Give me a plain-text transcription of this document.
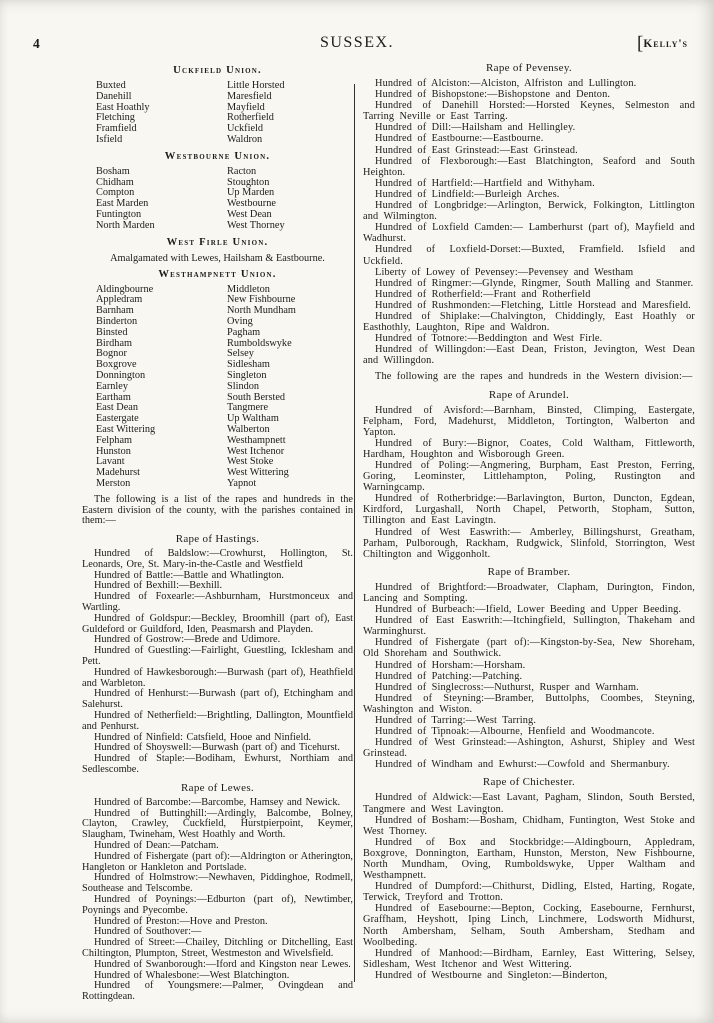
4	SUSSEX.	[Kelly's
Uckfield Union.
Buxted	Little Horsted
Danehill	Maresfield
East Hoathly	Mayfield
Fletching	Rotherfield
Framfield	Uckfield
Isfield	Waldron
Westbourne Union.
Bosham	Racton
Chidham	Stoughton
Compton	Up Marden
East Marden	Westbourne
Funtington	West Dean
North Marden	West Thorney
West Firle Union.
Amalgamated with Lewes, Hailsham & Eastbourne.
Westhampnett Union.
Aldingbourne	Middleton
Appledram	New Fishbourne
Barnham	North Mundham
Binderton	Oving
Binsted	Pagham
Birdham	Rumboldswyke
Bognor	Selsey
Boxgrove	Sidlesham
Donnington	Singleton
Earnley	Slindon
Eartham	South Bersted
East Dean	Tangmere
Eastergate	Up Waltham
East Wittering	Walberton
Felpham	Westhampnett
Hunston	West Itchenor
Lavant	West Stoke
Madehurst	West Wittering
Merston	Yapnot

The following is a list of the rapes and hundreds in the Eastern division of the county, with the parishes contained in them:—

Rape of Hastings.

Hundred of Baldslow:—Crowhurst, Hollington, St. Leonards, Ore, St. Mary-in-the-Castle and Westfield

Hundred of Battle:—Battle and Whatlington.

Hundred of Bexhill:—Bexhill.

Hundred of Foxearle:—Ashburnham, Hurstmonceux and Wartling.

Hundred of Goldspur:—Beckley, Broomhill (part of), East Guldeford or Guildford, Iden, Peasmarsh and Playden.

Hundred of Gostrow:—Brede and Udimore.

Hundred of Guestling:—Fairlight, Guestling, Icklesham and Pett.

Hundred of Hawkesborough:—Burwash (part of), Heathfield and Warbleton.

Hundred of Henhurst:—Burwash (part of), Etchingham and Salehurst.

Hundred of Netherfield:—Brightling, Dallington, Mountfield and Penhurst.

Hundred of Ninfield: Catsfield, Hooe and Ninfield.

Hundred of Shoyswell:—Burwash (part of) and Ticehurst.

Hundred of Staple:—Bodiham, Ewhurst, Northiam and Sedlescombe.

Rape of Lewes.

Hundred of Barcombe:—Barcombe, Hamsey and Newick.

Hundred of Buttinghill:—Ardingly, Balcombe, Bolney, Clayton, Crawley, Cuckfield, Hurstpierpoint, Keymer, Slaugham, Twineham, West Hoathly and Worth.

Hundred of Dean:—Patcham.

Hundred of Fishergate (part of):—Aldrington or Atherington, Hangleton or Hankleton and Portslade.

Hundred of Holmstrow:—Newhaven, Piddinghoe, Rodmell, Southease and Telscombe.

Hundred of Poynings:—Edburton (part of), Newtimber, Poynings and Pyecombe.

Hundred of Preston:—Hove and Preston.

Hundred of Southover:—

Hundred of Street:—Chailey, Ditchling or Ditchelling, East Chiltington, Plumpton, Street, Westmeston and Wivelsfield.

Hundred of Swanborough:—Iford and Kingston near Lewes.

Hundred of Whalesbone:—West Blatchington.

Hundred of Youngsmere:—Palmer, Ovingdean and Rottingdean.

Rape of Pevensey.

Hundred of Alciston:—Alciston, Alfriston and Lullington.

Hundred of Bishopstone:—Bishopstone and Denton.

Hundred of Danehill Horsted:—Horsted Keynes, Selmeston and Tarring Neville or East Tarring.

Hundred of Dill:—Hailsham and Hellingley.

Hundred of Eastbourne:—Eastbourne.

Hundred of East Grinstead:—East Grinstead.

Hundred of Flexborough:—East Blatchington, Seaford and South Heighton.

Hundred of Hartfield:—Hartfield and Withyham.

Hundred of Lindfield:—Burleigh Arches.

Hundred of Longbridge:—Arlington, Berwick, Folkington, Littlington and Wilmington.

Hundred of Loxfield Camden:— Lamberhurst (part of), Mayfield and Wadhurst.

Hundred of Loxfield-Dorset:—Buxted, Framfield. Isfield and Uckfield.

Liberty of Lowey of Pevensey:—Pevensey and Westham

Hundred of Ringmer:—Glynde, Ringmer, South Malling and Stanmer.

Hundred of Rotherfield:—Frant and Rotherfield

Hundred of Rushmonden:—Fletching, Little Horstead and Maresfield.

Hundred of Shiplake:—Chalvington, Chiddingly, East Hoathly or Easthothly, Laughton, Ripe and Waldron.

Hundred of Totnore:—Beddington and West Firle.

Hundred of Willingdon:—East Dean, Friston, Jevington, West Dean and Willingdon.

The following are the rapes and hundreds in the Western division:—

Rape of Arundel.

Hundred of Avisford:—Barnham, Binsted, Climping, Eastergate, Felpham, Ford, Madehurst, Middleton, Tortington, Walberton and Yapton.

Hundred of Bury:—Bignor, Coates, Cold Waltham, Fittleworth, Hardham, Houghton and Wisborough Green.

Hundred of Poling:—Angmering, Burpham, East Preston, Ferring, Goring, Leominster, Littlehampton, Poling, Rustington and Warningcamp.

Hundred of Rotherbridge:—Barlavington, Burton, Duncton, Egdean, Kirdford, Lurgashall, North Chapel, Petworth, Stopham, Sutton, Tillington and East Lavingtn.

Hundred of West Easwrith:— Amberley, Billingshurst, Greatham, Parham, Pulborough, Rackham, Rudgwick, Slinfold, Storrington, West Chiltington and Wiggonholt.

Rape of Bramber.

Hundred of Brightford:—Broadwater, Clapham, Durington, Findon, Lancing and Sompting.

Hundred of Burbeach:—Ifield, Lower Beeding and Upper Beeding.

Hundred of East Easwrith:—Itchingfield, Sullington, Thakeham and Warminghurst.

Hundred of Fishergate (part of):—Kingston-by-Sea, New Shoreham, Old Shoreham and Southwick.

Hundred of Horsham:—Horsham.

Hundred of Patching:—Patching.

Hundred of Singlecross:—Nuthurst, Rusper and Warnham.

Hundred of Steyning:—Bramber, Buttolphs, Coombes, Steyning, Washington and Wiston.

Hundred of Tarring:—West Tarring.

Hundred of Tipnoak:—Albourne, Henfield and Woodmancote.

Hundred of West Grinstead:—Ashington, Ashurst, Shipley and West Grinstead.

Hundred of Windham and Ewhurst:—Cowfold and Shermanbury.

Rape of Chichester.

Hundred of Aldwick:—East Lavant, Pagham, Slindon, South Bersted, Tangmere and West Lavington.

Hundred of Bosham:—Bosham, Chidham, Funtington, West Stoke and West Thorney.

Hundred of Box and Stockbridge:—Aldingbourn, Appledram, Boxgrove, Donnington, Eartham, Hunston, Merston, New Fishbourne, North Mundham, Oving, Rumboldswyke, Upper Waltham and Westhampnett.

Hundred of Dumpford:—Chithurst, Didling, Elsted, Harting, Rogate, Terwick, Treyford and Trotton.

Hundred of Easebourne:—Bepton, Cocking, Easebourne, Fernhurst, Graffham, Heyshott, Iping Linch, Linchmere, Lodsworth Midhurst, North Ambersham, Selham, South Ambersham, Stedham and Woolbeding.

Hundred of Manhood:—Birdham, Earnley, East Wittering, Selsey, Sidlesham, West Itchenor and West Wittering.

Hundred of Westbourne and Singleton:—Binderton,
